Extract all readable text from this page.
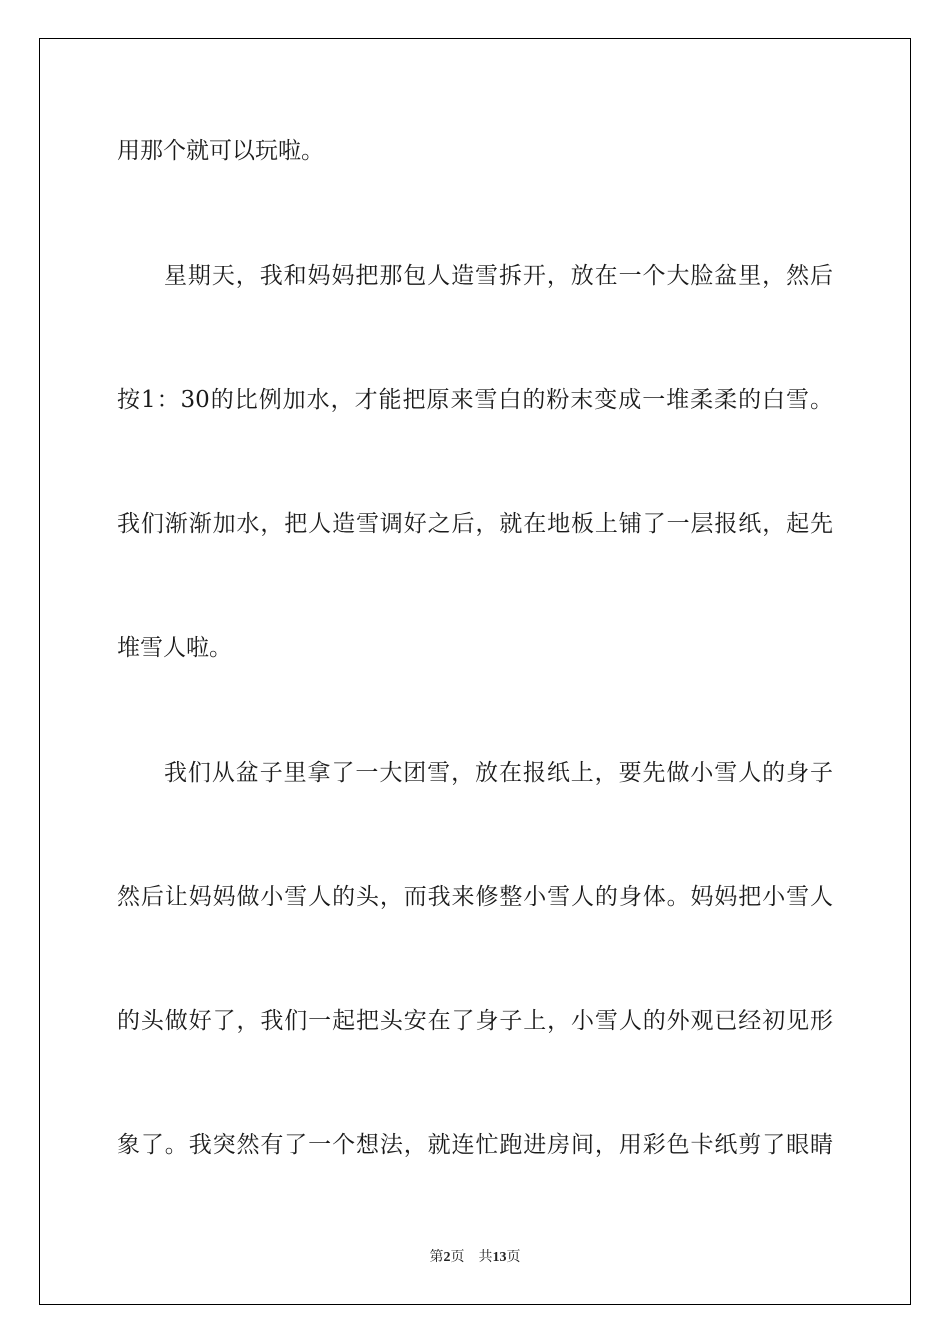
用那个就可以玩啦。

星期天，我和妈妈把那包人造雪拆开，放在一个大脸盆里，然后

按1：30的比例加水，才能把原来雪白的粉末变成一堆柔柔的白雪。

我们渐渐加水，把人造雪调好之后，就在地板上铺了一层报纸，起先

堆雪人啦。

我们从盆子里拿了一大团雪，放在报纸上，要先做小雪人的身子

然后让妈妈做小雪人的头，而我来修整小雪人的身体。妈妈把小雪人

的头做好了，我们一起把头安在了身子上，小雪人的外观已经初见形

象了。我突然有了一个想法，就连忙跑进房间，用彩色卡纸剪了眼睛

第2页 共13页
